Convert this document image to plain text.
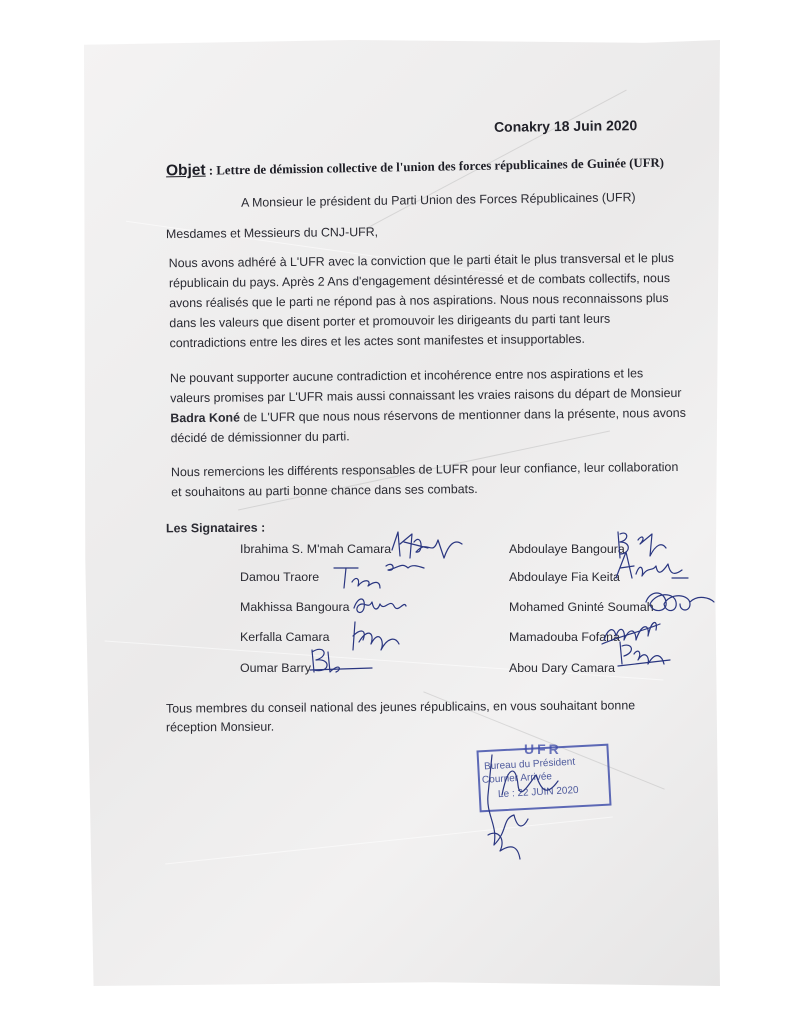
Conakry 18 Juin 2020
Objet : Lettre de démission collective de l'union des forces républicaines de Guinée (UFR)
A Monsieur le président du Parti Union des Forces Républicaines (UFR)
Mesdames et Messieurs du CNJ-UFR,
Nous avons adhéré à L'UFR avec la conviction que le parti était le plus transversal et le plus
républicain du pays. Après 2 Ans d'engagement désintéressé et de combats collectifs, nous
avons réalisés que le parti ne répond pas à nos aspirations. Nous nous reconnaissons plus
dans les valeurs que disent porter et promouvoir les dirigeants du parti tant leurs
contradictions entre les dires et les actes sont manifestes et insupportables.
Ne pouvant supporter aucune contradiction et incohérence entre nos aspirations et les
valeurs promises par L'UFR mais aussi connaissant les vraies raisons du départ de Monsieur
Badra Koné de L'UFR que nous nous réservons de mentionner dans la présente, nous avons
décidé de démissionner du parti.
Nous remercions les différents responsables de LUFR pour leur confiance, leur collaboration
et souhaitons au parti bonne chance dans ses combats.
Les Signataires :
Ibrahima S. M'mah Camara
Damou Traore
Makhissa Bangoura
Kerfalla Camara
Oumar Barry
Abdoulaye Bangoura
Abdoulaye Fia Keita
Mohamed Gninté Soumah
Mamadouba Fofana
Abou Dary Camara
Tous membres du conseil national des jeunes républicains, en vous souhaitant bonne
réception Monsieur.
UFR
Bureau du Président
Courrier Arrivée
Le : 22 JUIN 2020
